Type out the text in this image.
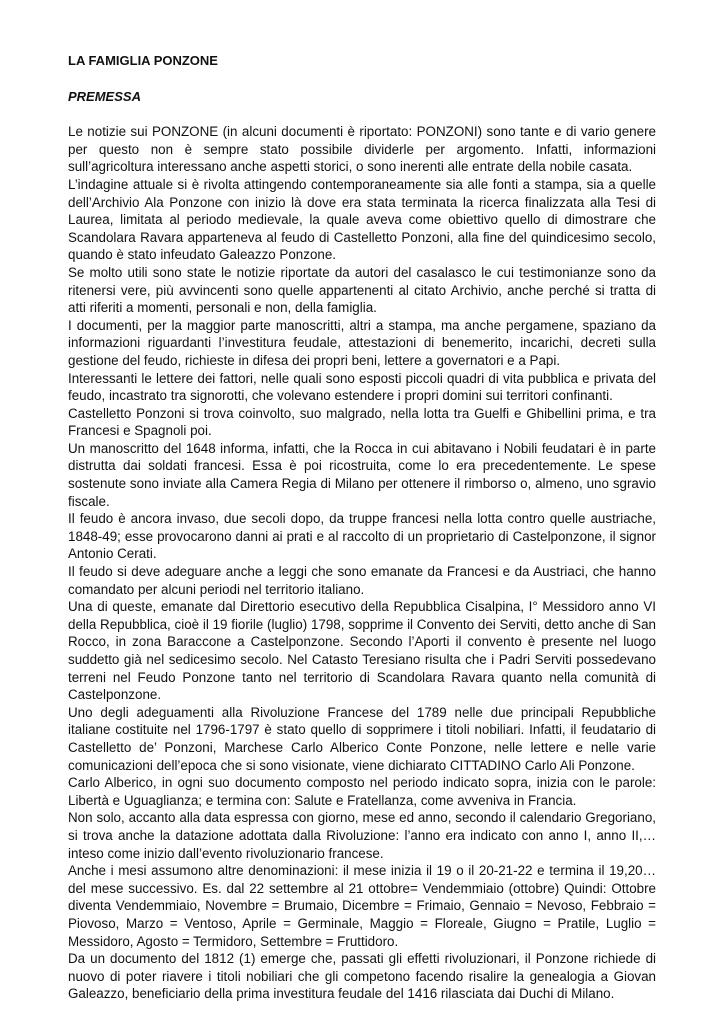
LA FAMIGLIA PONZONE

PREMESSA

Le notizie sui PONZONE (in alcuni documenti è riportato: PONZONI) sono tante e di vario genere per questo non è sempre stato possibile dividerle per argomento. Infatti, informazioni sull’agricoltura interessano anche aspetti storici, o sono inerenti alle entrate della nobile casata.

L’indagine attuale si è rivolta attingendo contemporaneamente sia alle fonti a stampa, sia a quelle dell’Archivio Ala Ponzone con inizio là dove era stata terminata la ricerca finalizzata alla Tesi di Laurea, limitata al periodo medievale, la quale aveva come obiettivo quello di dimostrare che Scandolara Ravara apparteneva al feudo di Castelletto Ponzoni, alla fine del quindicesimo secolo, quando è stato infeudato Galeazzo Ponzone.

Se molto utili sono state le notizie riportate da autori del casalasco le cui testimonianze sono da ritenersi vere, più avvincenti sono quelle appartenenti al citato Archivio, anche perché si tratta di atti riferiti a momenti, personali e non, della famiglia.

I documenti, per la maggior parte manoscritti, altri a stampa, ma anche pergamene, spaziano da informazioni riguardanti l’investitura feudale, attestazioni di benemerito, incarichi, decreti sulla gestione del feudo, richieste in difesa dei propri beni, lettere a governatori e a Papi.

Interessanti le lettere dei fattori, nelle quali sono esposti piccoli quadri di vita pubblica e privata del feudo, incastrato tra signorotti, che volevano estendere i propri domini sui territori confinanti.

Castelletto Ponzoni si trova coinvolto, suo malgrado, nella lotta tra Guelfi e Ghibellini prima, e tra Francesi e Spagnoli poi.

Un manoscritto del 1648 informa, infatti, che la Rocca in cui abitavano i Nobili feudatari è in parte distrutta dai soldati francesi. Essa è poi ricostruita, come lo era precedentemente. Le spese sostenute sono inviate alla Camera Regia di Milano per ottenere il rimborso o, almeno, uno sgravio fiscale.

Il feudo è ancora invaso, due secoli dopo, da truppe francesi nella lotta contro quelle austriache, 1848-49; esse provocarono danni ai prati e al raccolto di un proprietario di Castelponzone, il signor Antonio Cerati.

Il feudo si deve adeguare anche a leggi che sono emanate da Francesi e da Austriaci, che hanno comandato per alcuni periodi nel territorio italiano.

Una di queste, emanate dal Direttorio esecutivo della Repubblica Cisalpina, I° Messidoro anno VI della Repubblica, cioè il 19 fiorile (luglio) 1798, sopprime il Convento dei Serviti, detto anche di San Rocco, in zona Baraccone a Castelponzone. Secondo l’Aporti il convento è presente nel luogo suddetto già nel sedicesimo secolo. Nel Catasto Teresiano risulta che i Padri Serviti possedevano terreni nel Feudo Ponzone tanto nel territorio di Scandolara Ravara quanto nella comunità di Castelponzone.

Uno degli adeguamenti alla Rivoluzione Francese del 1789 nelle due principali Repubbliche italiane costituite nel 1796-1797 è stato quello di sopprimere i titoli nobiliari. Infatti, il feudatario di Castelletto de’ Ponzoni, Marchese Carlo Alberico Conte Ponzone, nelle lettere e nelle varie comunicazioni dell’epoca che si sono visionate, viene dichiarato CITTADINO Carlo Ali Ponzone.

Carlo Alberico, in ogni suo documento composto nel periodo indicato sopra, inizia con le parole: Libertà e Uguaglianza; e termina con: Salute e Fratellanza, come avveniva in Francia.

Non solo, accanto alla data espressa con giorno, mese ed anno, secondo il calendario Gregoriano, si trova anche la datazione adottata dalla Rivoluzione: l’anno era indicato con anno I, anno II,… inteso come inizio dall’evento rivoluzionario francese.

Anche i mesi assumono altre denominazioni: il mese inizia il 19 o il 20-21-22 e termina il 19,20… del mese successivo. Es. dal 22 settembre al 21 ottobre= Vendemmiaio (ottobre) Quindi: Ottobre diventa Vendemmiaio, Novembre = Brumaio, Dicembre = Frimaio, Gennaio = Nevoso, Febbraio = Piovoso, Marzo = Ventoso, Aprile = Germinale, Maggio = Floreale, Giugno = Pratile, Luglio = Messidoro, Agosto = Termidoro, Settembre = Fruttidoro.

Da un documento del 1812 (1) emerge che, passati gli effetti rivoluzionari, il Ponzone richiede di nuovo di poter riavere i titoli nobiliari che gli competono facendo risalire la genealogia a Giovan Galeazzo, beneficiario della prima investitura feudale del 1416 rilasciata dai Duchi di Milano.
